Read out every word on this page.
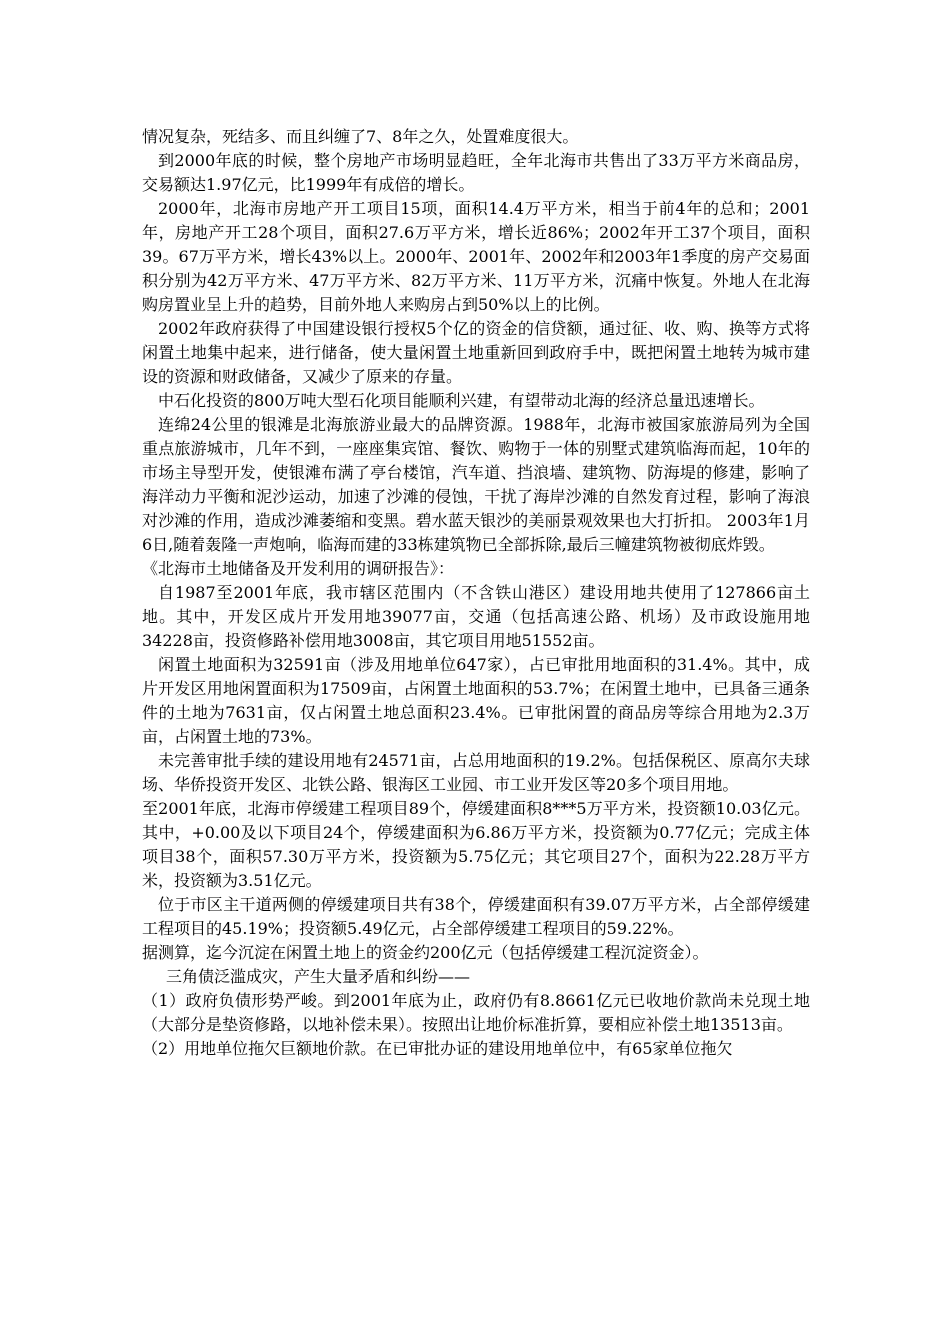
情况复杂，死结多、而且纠缠了7、8年之久，处置难度很大。

到2000年底的时候，整个房地产市场明显趋旺，全年北海市共售出了33万平方米商品房，交易额达1.97亿元，比1999年有成倍的增长。

2000年，北海市房地产开工项目15项，面积14.4万平方米，相当于前4年的总和；2001年，房地产开工28个项目，面积27.6万平方米，增长近86%；2002年开工37个项目，面积39。67万平方米，增长43%以上。2000年、2001年、2002年和2003年1季度的房产交易面积分别为42万平方米、47万平方米、82万平方米、11万平方米，沉痛中恢复。外地人在北海购房置业呈上升的趋势，目前外地人来购房占到50%以上的比例。

2002年政府获得了中国建设银行授权5个亿的资金的信贷额，通过征、收、购、换等方式将闲置土地集中起来，进行储备，使大量闲置土地重新回到政府手中，既把闲置土地转为城市建设的资源和财政储备，又减少了原来的存量。

中石化投资的800万吨大型石化项目能顺利兴建，有望带动北海的经济总量迅速增长。

连绵24公里的银滩是北海旅游业最大的品牌资源。1988年，北海市被国家旅游局列为全国重点旅游城市，几年不到，一座座集宾馆、餐饮、购物于一体的别墅式建筑临海而起，10年的市场主导型开发，使银滩布满了亭台楼馆，汽车道、挡浪墙、建筑物、防海堤的修建，影响了海洋动力平衡和泥沙运动，加速了沙滩的侵蚀，干扰了海岸沙滩的自然发育过程，影响了海浪对沙滩的作用，造成沙滩萎缩和变黑。碧水蓝天银沙的美丽景观效果也大打折扣。 2003年1月6日,随着轰隆一声炮响，临海而建的33栋建筑物已全部拆除,最后三幢建筑物被彻底炸毁。

《北海市土地储备及开发利用的调研报告》：

自1987至2001年底，我市辖区范围内（不含铁山港区）建设用地共使用了127866亩土地。其中，开发区成片开发用地39077亩，交通（包括高速公路、机场）及市政设施用地34228亩，投资修路补偿用地3008亩，其它项目用地51552亩。

闲置土地面积为32591亩（涉及用地单位647家），占已审批用地面积的31.4%。其中，成片开发区用地闲置面积为17509亩，占闲置土地面积的53.7%；在闲置土地中，已具备三通条件的土地为7631亩，仅占闲置土地总面积23.4%。已审批闲置的商品房等综合用地为2.3万亩，占闲置土地的73%。

未完善审批手续的建设用地有24571亩，占总用地面积的19.2%。包括保税区、原高尔夫球场、华侨投资开发区、北铁公路、银海区工业园、市工业开发区等20多个项目用地。

至2001年底，北海市停缓建工程项目89个，停缓建面积8***5万平方米，投资额10.03亿元。其中，+0.00及以下项目24个，停缓建面积为6.86万平方米，投资额为0.77亿元；完成主体项目38个，面积57.30万平方米，投资额为5.75亿元；其它项目27个，面积为22.28万平方米，投资额为3.51亿元。

位于市区主干道两侧的停缓建项目共有38个，停缓建面积有39.07万平方米，占全部停缓建工程项目的45.19%；投资额5.49亿元，占全部停缓建工程项目的59.22%。

据测算，迄今沉淀在闲置土地上的资金约200亿元（包括停缓建工程沉淀资金）。

三角债泛滥成灾，产生大量矛盾和纠纷——

（1）政府负债形势严峻。到2001年底为止，政府仍有8.8661亿元已收地价款尚未兑现土地（大部分是垫资修路，以地补偿未果）。按照出让地价标准折算，要相应补偿土地13513亩。

（2）用地单位拖欠巨额地价款。在已审批办证的建设用地单位中，有65家单位拖欠
